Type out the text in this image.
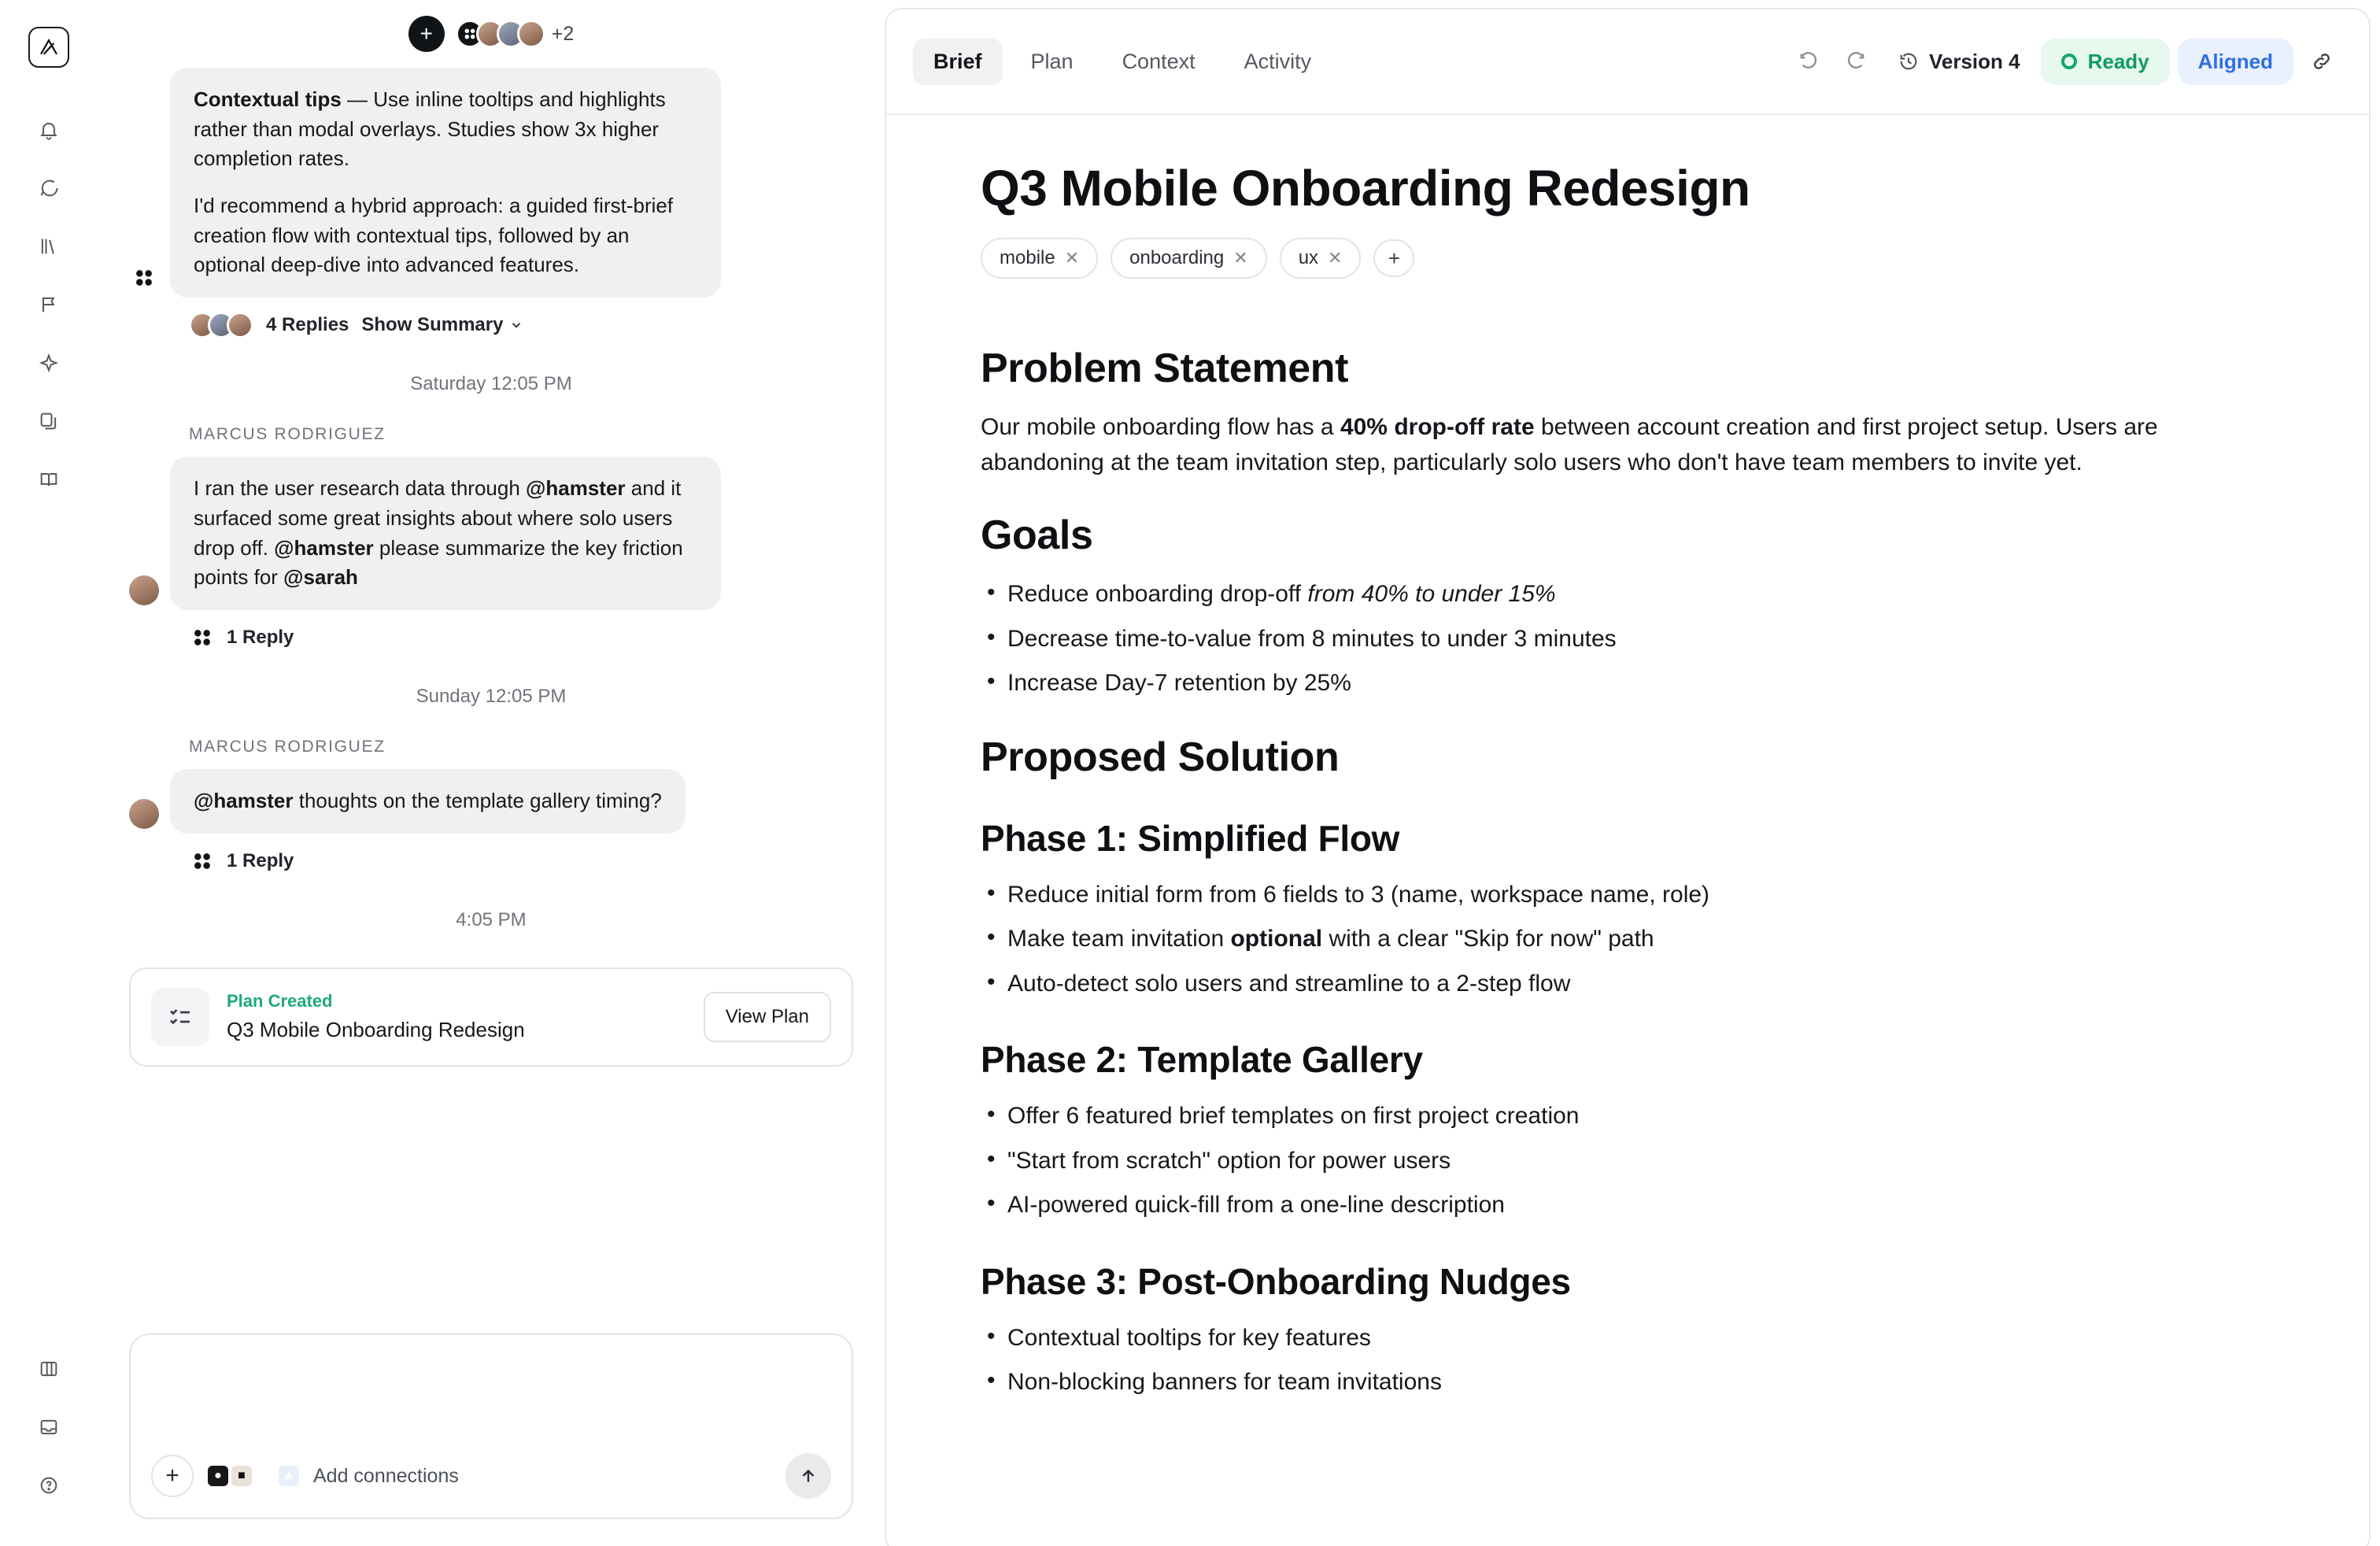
+	+2

Contextual tips — Use inline tooltips and highlights rather than modal overlays. Studies show 3x higher completion rates.

I'd recommend a hybrid approach: a guided first-brief creation flow with contextual tips, followed by an optional deep-dive into advanced features.

4 Replies Show Summary
Saturday 12:05 PM
MARCUS RODRIGUEZ

I ran the user research data through @hamster and it surfaced some great insights about where solo users drop off. @hamster please summarize the key friction points for @sarah

1 Reply
Sunday 12:05 PM
MARCUS RODRIGUEZ

@hamster thoughts on the template gallery timing?

1 Reply
4:05 PM
Plan Created
Q3 Mobile Onboarding Redesign
View Plan
+	●	■	✦ ▲ Add connections
Brief	Plan	Context	Activity	Version 4	Ready Aligned
Q3 Mobile Onboarding Redesign
mobile ✕	onboarding ✕	ux ✕	+
Problem Statement

Our mobile onboarding flow has a 40% drop-off rate between account creation and first project setup. Users are abandoning at the team invitation step, particularly solo users who don't have team members to invite yet.

Goals
• Reduce onboarding drop-off from 40% to under 15%
• Decrease time-to-value from 8 minutes to under 3 minutes
• Increase Day-7 retention by 25%
Proposed Solution
Phase 1: Simplified Flow
• Reduce initial form from 6 fields to 3 (name, workspace name, role)
• Make team invitation optional with a clear "Skip for now" path
• Auto-detect solo users and streamline to a 2-step flow
Phase 2: Template Gallery
• Offer 6 featured brief templates on first project creation
• "Start from scratch" option for power users
• AI-powered quick-fill from a one-line description
Phase 3: Post-Onboarding Nudges
• Contextual tooltips for key features
• Non-blocking banners for team invitations
